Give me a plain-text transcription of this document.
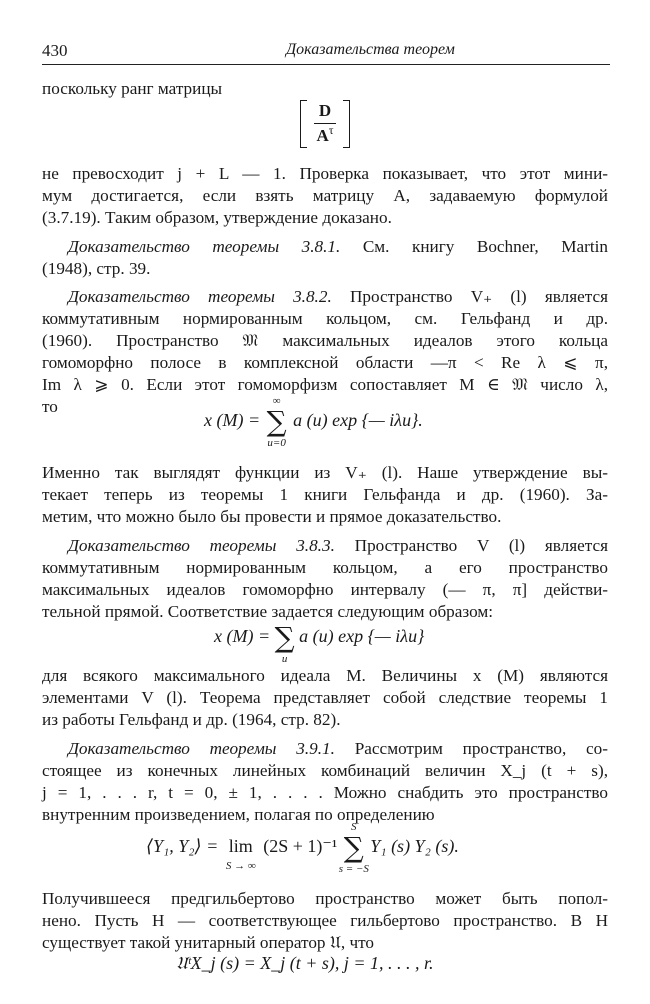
430	Доказательства теорем
поскольку ранг матрицы
D
$A^\tau$
не превосходит j + L — 1. Проверка показывает, что этот мини-
мум достигается, если взять матрицу A, задаваемую формулой
(3.7.19). Таким образом, утверждение доказано.
Доказательство теоремы 3.8.1. См. книгу Bochner, Martin
(1948), стр. 39.
Доказательство теоремы 3.8.2. Пространство V₊ (l) является
коммутативным нормированным кольцом, см. Гельфанд и др.
(1960). Пространство 𝔐 максимальных идеалов этого кольца
гомоморфно полосе в комплексной области —π < Re λ ⩽ π,
Im λ ⩾ 0. Если этот гомоморфизм сопоставляет M ∈ 𝔐 число λ,
то
x (M) =
∞
∑
u=0
a (u) exp {— iλu}.
Именно так выглядят функции из V₊ (l). Наше утверждение вы-
текает теперь из теоремы 1 книги Гельфанда и др. (1960). За-
метим, что можно было бы провести и прямое доказательство.
Доказательство теоремы 3.8.3. Пространство V (l) является
коммутативным нормированным кольцом, а его пространство
максимальных идеалов гомоморфно интервалу (— π, π] действи-
тельной прямой. Соответствие задается следующим образом:
x (M) = ∑
u
a (u) exp {— iλu}
для всякого максимального идеала M. Величины x (M) являются
элементами V (l). Теорема представляет собой следствие теоремы 1
из работы Гельфанд и др. (1964, стр. 82).
Доказательство теоремы 3.9.1. Рассмотрим пространство, со-
стоящее из конечных линейных комбинаций величин X_j (t + s),
j = 1, . . . r, t = 0, ± 1, . . . . Можно снабдить это пространство
внутренним произведением, полагая по определению
⟨Y₁, Y₂⟩ = lim
S → ∞
(2S + 1)⁻¹
S
∑
s = −S
Y₁ (s) Y₂ (s).
Получившееся предгильбертово пространство может быть попол-
нено. Пусть H — соответствующее гильбертово пространство. В H
существует такой унитарный оператор 𝔘, что
𝔘ᵗX_j (s) = X_j (t + s), j = 1, . . . , r.
